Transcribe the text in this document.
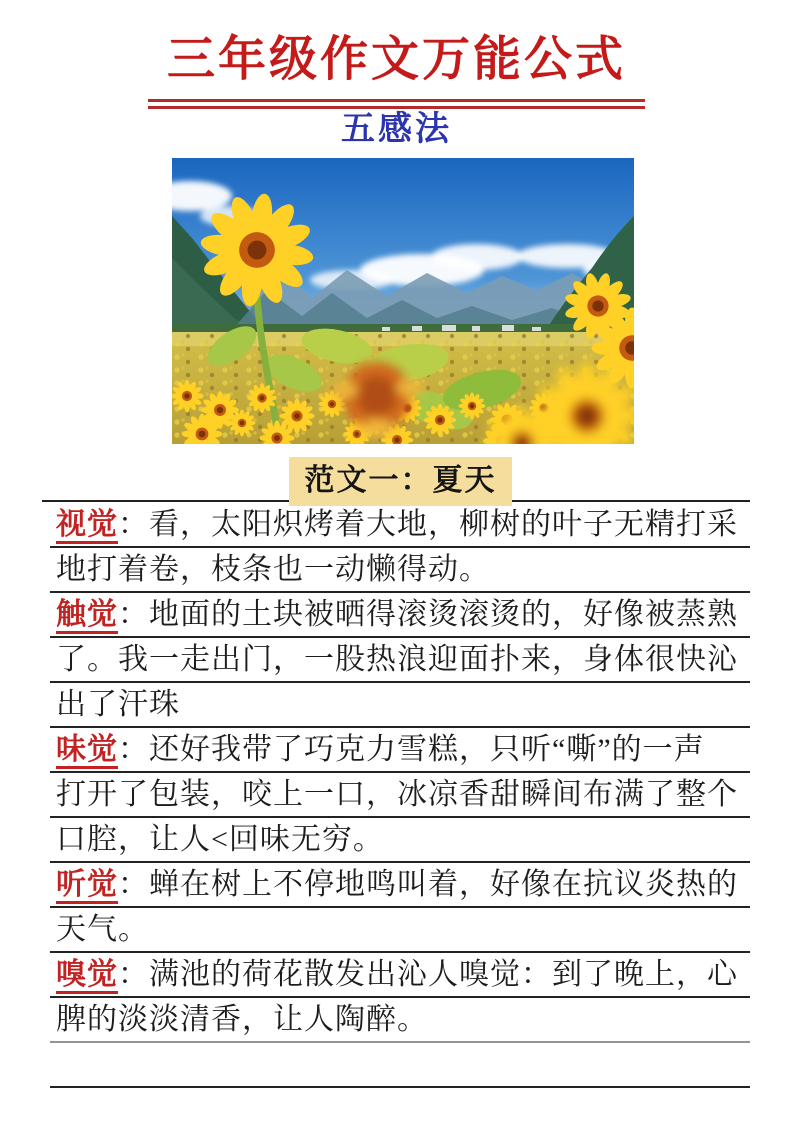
三年级作文万能公式
五感法
范文一：夏天
视觉：看，太阳炽烤着大地，柳树的叶子无精打采
地打着卷，枝条也一动懒得动。
触觉：地面的土块被晒得滚烫滚烫的，好像被蒸熟
了。我一走出门，一股热浪迎面扑来，身体很快沁
出了汗珠
味觉：还好我带了巧克力雪糕，只听“嘶”的一声
打开了包装，咬上一口，冰凉香甜瞬间布满了整个
口腔，让人<回味无穷。
听觉：蝉在树上不停地鸣叫着，好像在抗议炎热的
天气。
嗅觉：满池的荷花散发出沁人嗅觉：到了晚上，心
脾的淡淡清香，让人陶醉。
